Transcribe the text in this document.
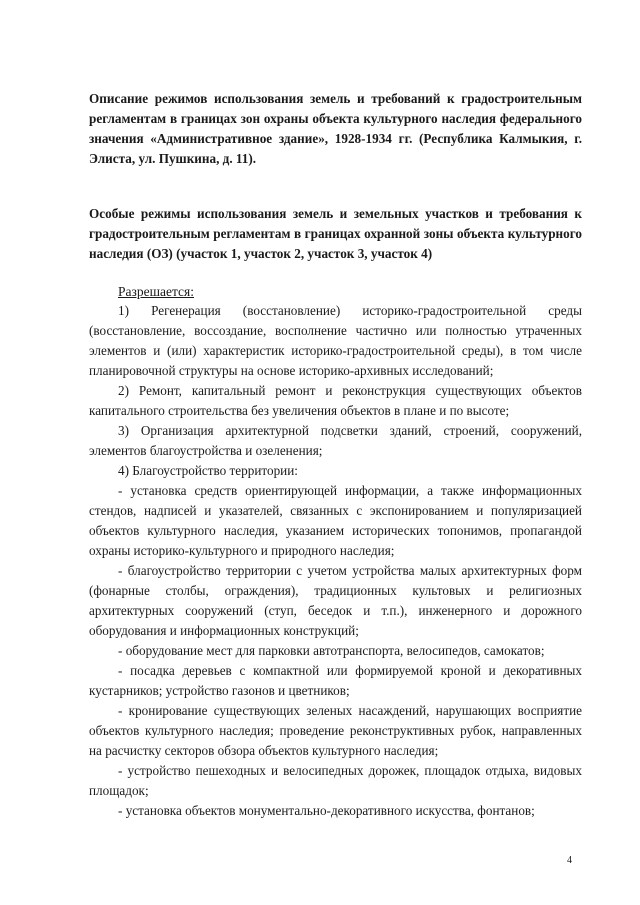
Описание режимов использования земель и требований к градостроительным регламентам в границах зон охраны объекта культурного наследия федерального значения «Административное здание», 1928-1934 гг. (Республика Калмыкия, г. Элиста, ул. Пушкина, д. 11).
Особые режимы использования земель и земельных участков и требования к градостроительным регламентам в границах охранной зоны объекта культурного наследия (ОЗ) (участок 1, участок 2, участок 3, участок 4)
Разрешается:

1) Регенерация (восстановление) историко-градостроительной среды (восстановление, воссоздание, восполнение частично или полностью утраченных элементов и (или) характеристик историко-градостроительной среды), в том числе планировочной структуры на основе историко-архивных исследований;

2) Ремонт, капитальный ремонт и реконструкция существующих объектов капитального строительства без увеличения объектов в плане и по высоте;

3) Организация архитектурной подсветки зданий, строений, сооружений, элементов благоустройства и озеленения;

4) Благоустройство территории:

- установка средств ориентирующей информации, а также информационных стендов, надписей и указателей, связанных с экспонированием и популяризацией объектов культурного наследия, указанием исторических топонимов, пропагандой охраны историко-культурного и природного наследия;

- благоустройство территории с учетом устройства малых архитектурных форм (фонарные столбы, ограждения), традиционных культовых и религиозных архитектурных сооружений (ступ, беседок и т.п.), инженерного и дорожного оборудования и информационных конструкций;

- оборудование мест для парковки автотранспорта, велосипедов, самокатов;

- посадка деревьев с компактной или формируемой кроной и декоративных кустарников; устройство газонов и цветников;

- кронирование существующих зеленых насаждений, нарушающих восприятие объектов культурного наследия; проведение реконструктивных рубок, направленных на расчистку секторов обзора объектов культурного наследия;

- устройство пешеходных и велосипедных дорожек, площадок отдыха, видовых площадок;

- установка объектов монументально-декоративного искусства, фонтанов;

4
